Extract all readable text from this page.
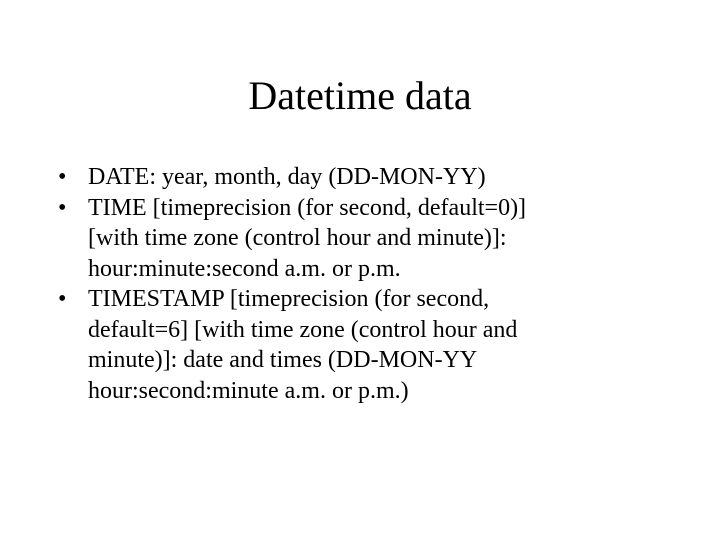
Datetime data
• DATE: year, month, day (DD-MON-YY)
• TIME [timeprecision (for second, default=0)]
[with time zone (control hour and minute)]:
hour:minute:second a.m. or p.m.
• TIMESTAMP [timeprecision (for second,
default=6] [with time zone (control hour and
minute)]: date and times (DD-MON-YY
hour:second:minute a.m. or p.m.)
